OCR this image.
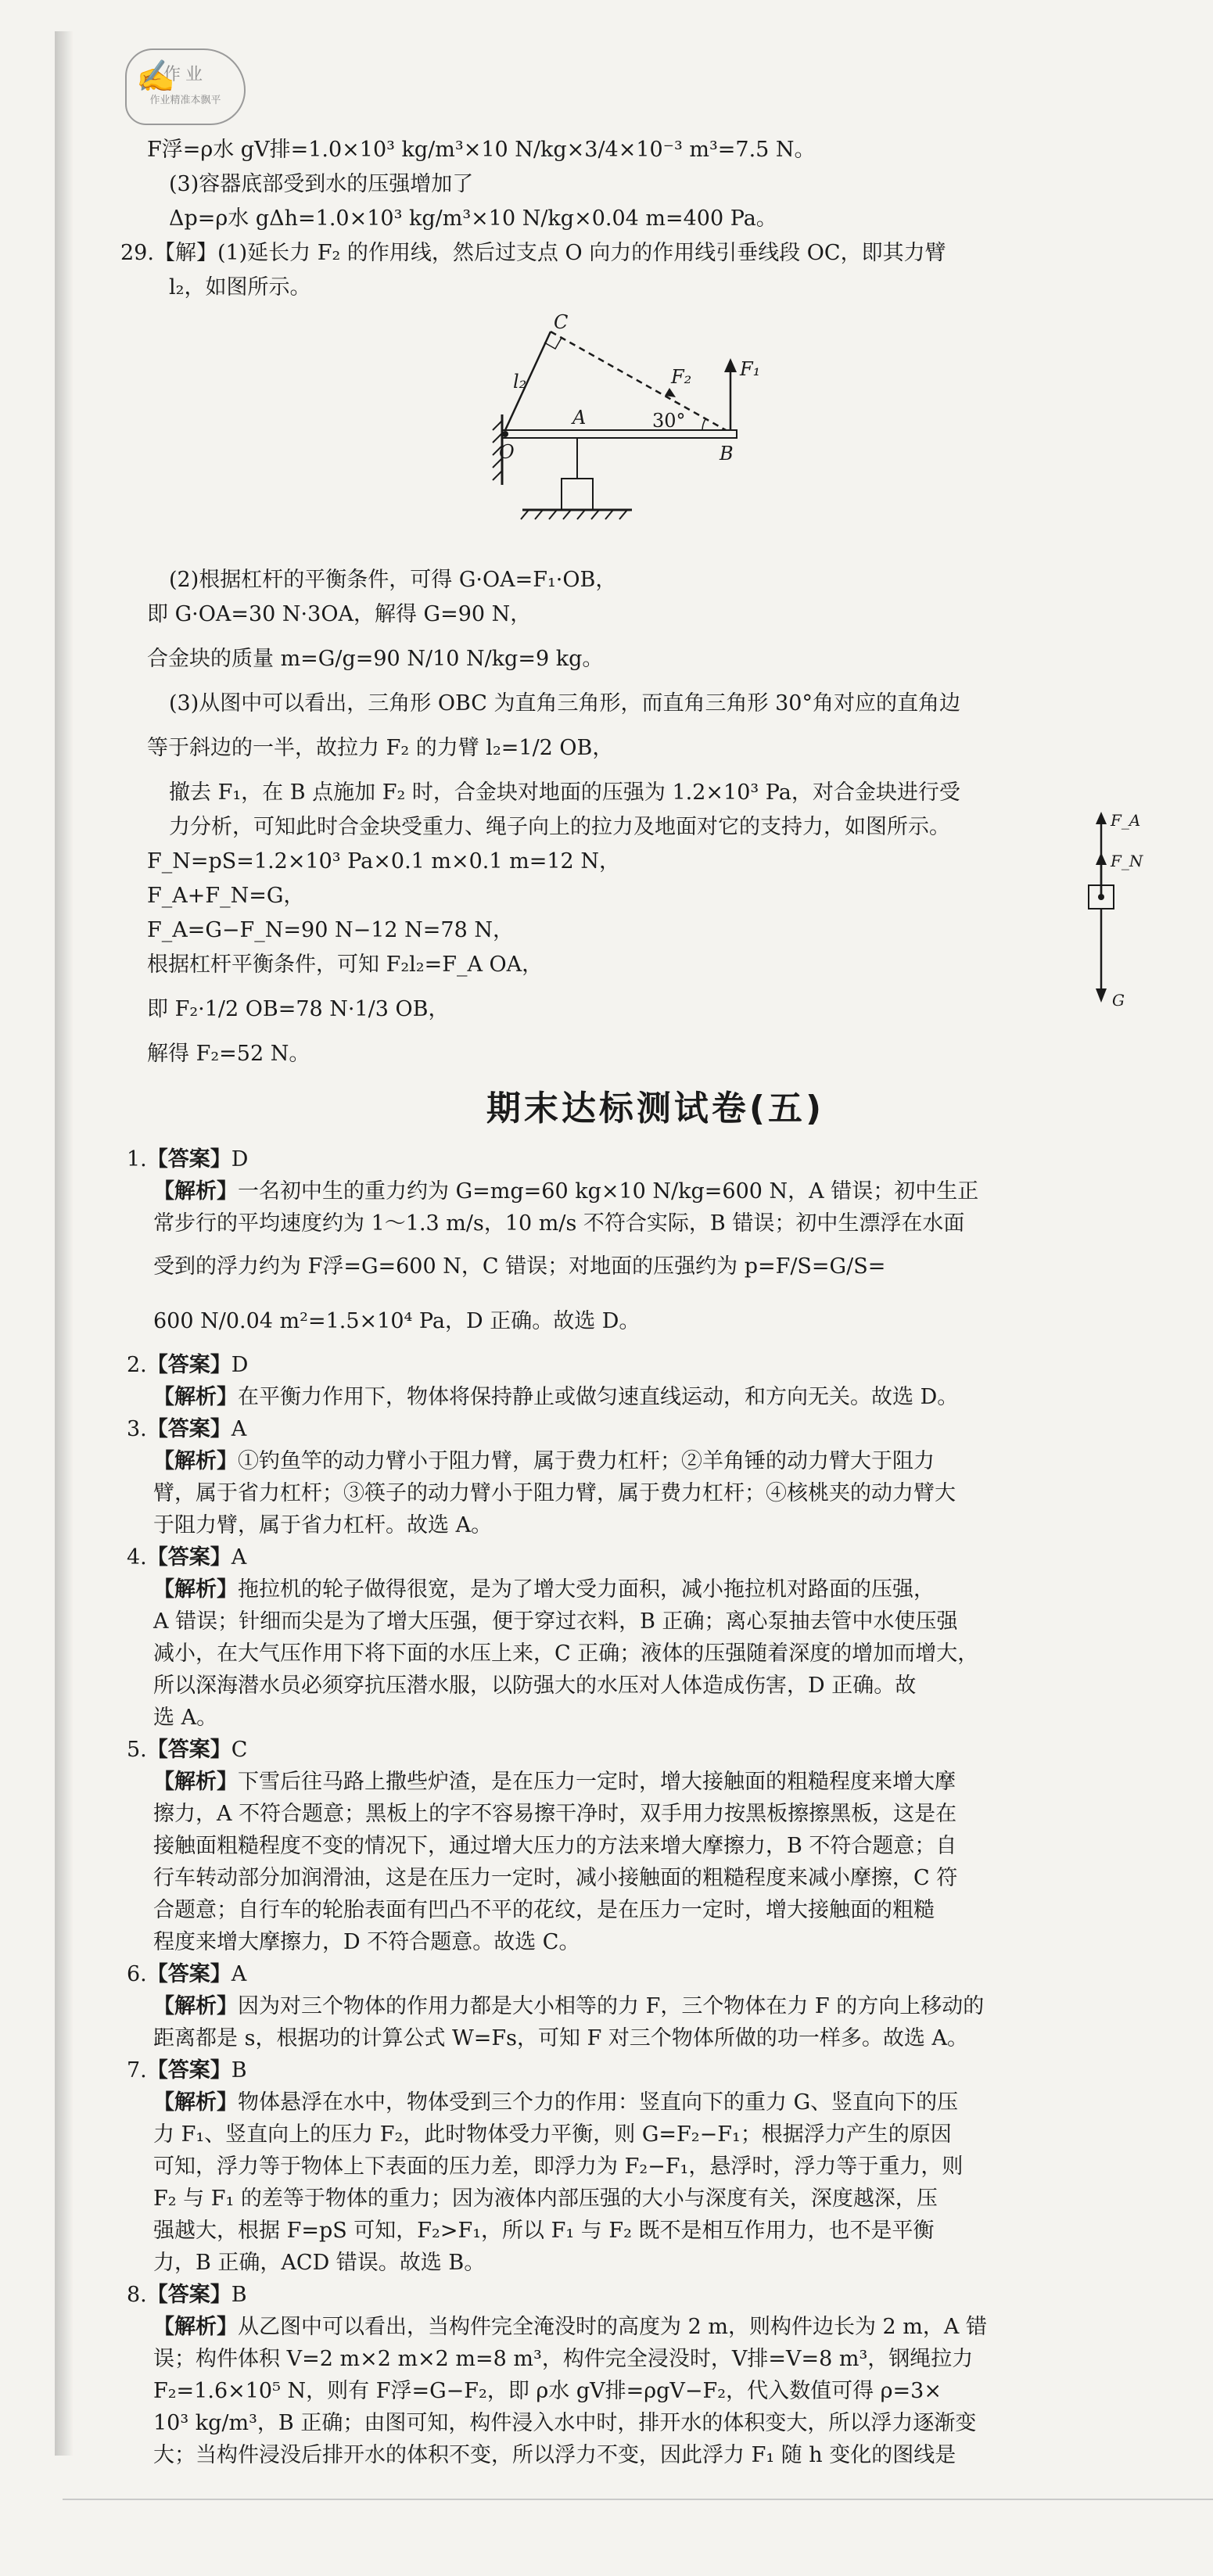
✍
作业
作业精准本飘平
F浮=ρ水 gV排=1.0×10³ kg/m³×10 N/kg×3/4×10⁻³ m³=7.5 N。
(3)容器底部受到水的压强增加了
Δp=ρ水 gΔh=1.0×10³ kg/m³×10 N/kg×0.04 m=400 Pa。
29.【解】(1)延长力 F₂ 的作用线，然后过支点 O 向力的作用线引垂线段 OC，即其力臂
l₂，如图所示。
C
l₂	F₂	F₁
A	30°
O	B
(2)根据杠杆的平衡条件，可得 G·OA=F₁·OB，
即 G·OA=30 N·3OA，解得 G=90 N，
合金块的质量 m=G/g=90 N/10 N/kg=9 kg。
(3)从图中可以看出，三角形 OBC 为直角三角形，而直角三角形 30°角对应的直角边
等于斜边的一半，故拉力 F₂ 的力臂 l₂=1/2 OB，
撤去 F₁，在 B 点施加 F₂ 时，合金块对地面的压强为 1.2×10³ Pa，对合金块进行受
F_A
F_N
G
力分析，可知此时合金块受重力、绳子向上的拉力及地面对它的支持力，如图所示。
F_N=pS=1.2×10³ Pa×0.1 m×0.1 m=12 N，
F_A+F_N=G，
F_A=G−F_N=90 N−12 N=78 N，
根据杠杆平衡条件，可知 F₂l₂=F_A OA，
即 F₂·1/2 OB=78 N·1/3 OB，
解得 F₂=52 N。
期末达标测试卷(五)
1.【答案】D
【解析】一名初中生的重力约为 G=mg=60 kg×10 N/kg=600 N，A 错误；初中生正
常步行的平均速度约为 1～1.3 m/s，10 m/s 不符合实际，B 错误；初中生漂浮在水面
受到的浮力约为 F浮=G=600 N，C 错误；对地面的压强约为 p=F/S=G/S=
600 N/0.04 m²=1.5×10⁴ Pa，D 正确。故选 D。
2.【答案】D
【解析】在平衡力作用下，物体将保持静止或做匀速直线运动，和方向无关。故选 D。
3.【答案】A
【解析】①钓鱼竿的动力臂小于阻力臂，属于费力杠杆；②羊角锤的动力臂大于阻力
臂，属于省力杠杆；③筷子的动力臂小于阻力臂，属于费力杠杆；④核桃夹的动力臂大
于阻力臂，属于省力杠杆。故选 A。
4.【答案】A
【解析】拖拉机的轮子做得很宽，是为了增大受力面积，减小拖拉机对路面的压强，
A 错误；针细而尖是为了增大压强，便于穿过衣料，B 正确；离心泵抽去管中水使压强
减小，在大气压作用下将下面的水压上来，C 正确；液体的压强随着深度的增加而增大，
所以深海潜水员必须穿抗压潜水服，以防强大的水压对人体造成伤害，D 正确。故
选 A。
5.【答案】C
【解析】下雪后往马路上撒些炉渣，是在压力一定时，增大接触面的粗糙程度来增大摩
擦力，A 不符合题意；黑板上的字不容易擦干净时，双手用力按黑板擦擦黑板，这是在
接触面粗糙程度不变的情况下，通过增大压力的方法来增大摩擦力，B 不符合题意；自
行车转动部分加润滑油，这是在压力一定时，减小接触面的粗糙程度来减小摩擦，C 符
合题意；自行车的轮胎表面有凹凸不平的花纹，是在压力一定时，增大接触面的粗糙
程度来增大摩擦力，D 不符合题意。故选 C。
6.【答案】A
【解析】因为对三个物体的作用力都是大小相等的力 F，三个物体在力 F 的方向上移动的
距离都是 s，根据功的计算公式 W=Fs，可知 F 对三个物体所做的功一样多。故选 A。
7.【答案】B
【解析】物体悬浮在水中，物体受到三个力的作用：竖直向下的重力 G、竖直向下的压
力 F₁、竖直向上的压力 F₂，此时物体受力平衡，则 G=F₂−F₁；根据浮力产生的原因
可知，浮力等于物体上下表面的压力差，即浮力为 F₂−F₁，悬浮时，浮力等于重力，则
F₂ 与 F₁ 的差等于物体的重力；因为液体内部压强的大小与深度有关，深度越深，压
强越大，根据 F=pS 可知，F₂>F₁，所以 F₁ 与 F₂ 既不是相互作用力，也不是平衡
力，B 正确，ACD 错误。故选 B。
8.【答案】B
【解析】从乙图中可以看出，当构件完全淹没时的高度为 2 m，则构件边长为 2 m，A 错
误；构件体积 V=2 m×2 m×2 m=8 m³，构件完全浸没时，V排=V=8 m³，钢绳拉力
F₂=1.6×10⁵ N，则有 F浮=G−F₂，即 ρ水 gV排=ρgV−F₂，代入数值可得 ρ=3×
10³ kg/m³，B 正确；由图可知，构件浸入水中时，排开水的体积变大，所以浮力逐渐变
大；当构件浸没后排开水的体积不变，所以浮力不变，因此浮力 F₁ 随 h 变化的图线是
